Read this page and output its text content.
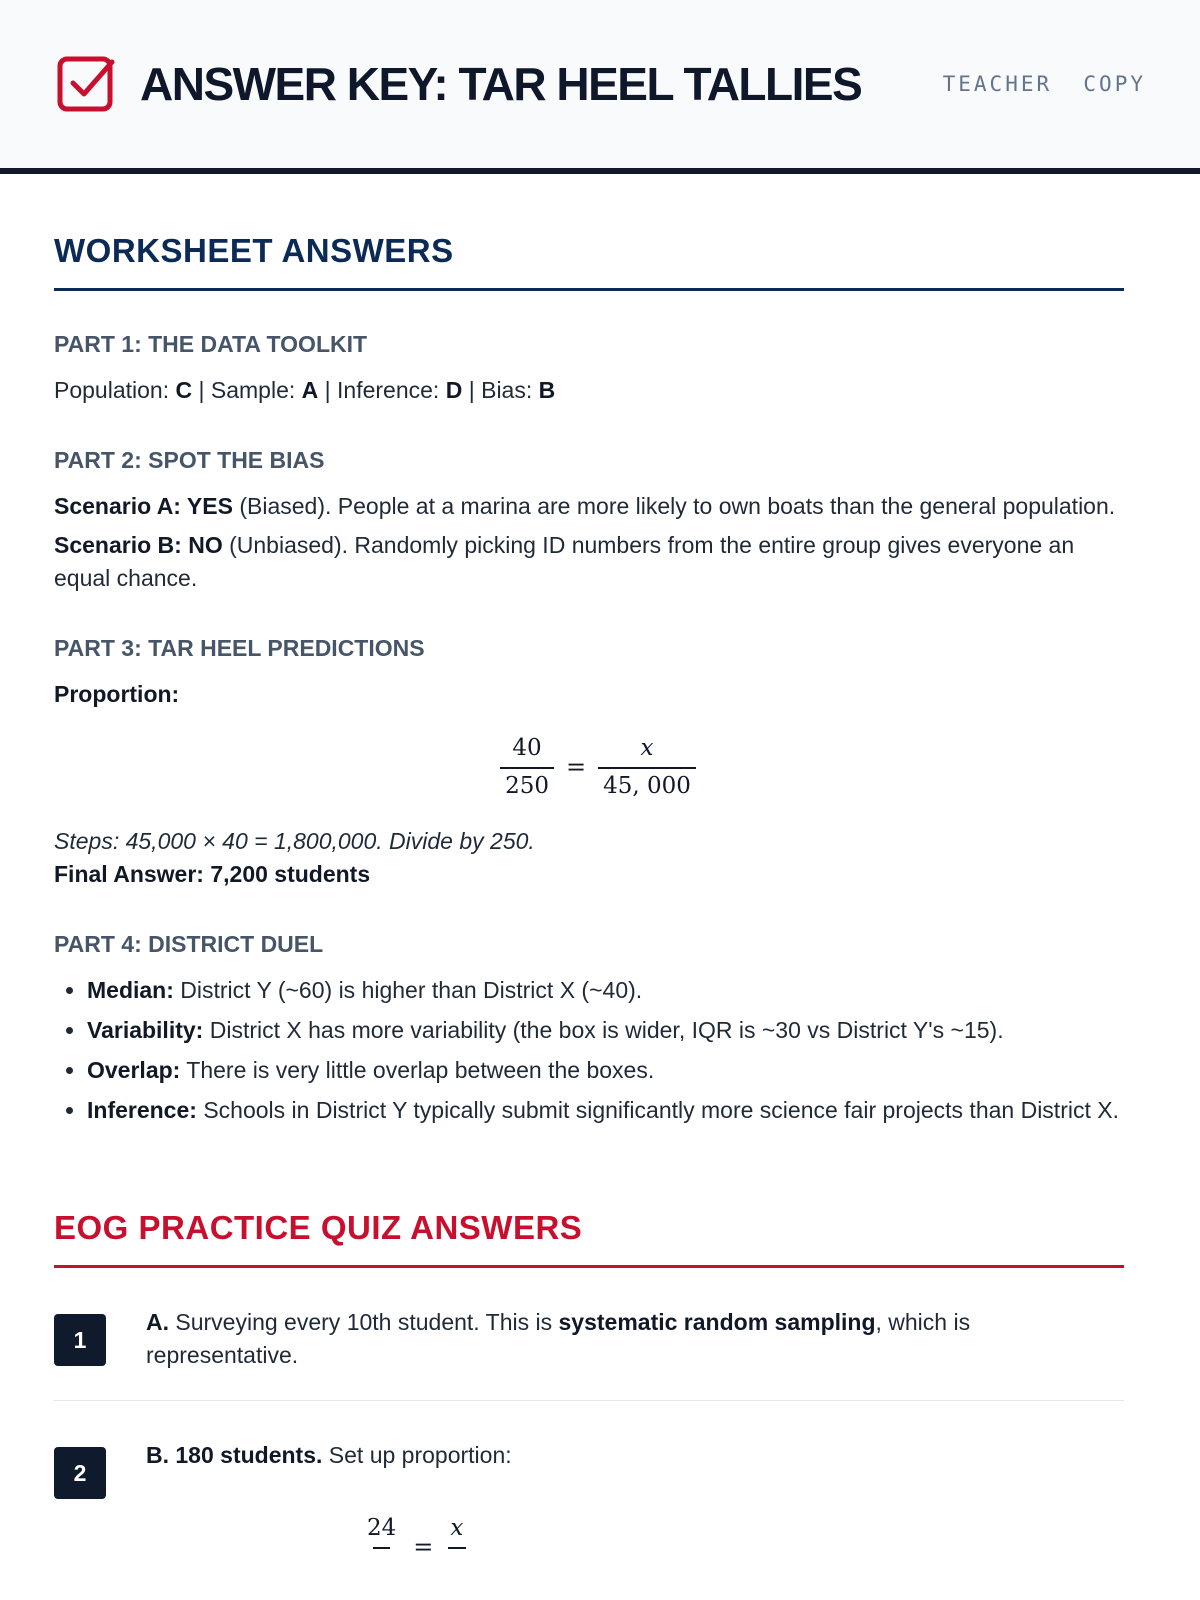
ANSWER KEY: TAR HEEL TALLIES	TEACHER  COPY
WORKSHEET ANSWERS
PART 1: THE DATA TOOLKIT

Population: C | Sample: A | Inference: D | Bias: B

PART 2: SPOT THE BIAS

Scenario A: YES (Biased). People at a marina are more likely to own boats than the general population.

Scenario B: NO (Unbiased). Randomly picking ID numbers from the entire group gives everyone an equal chance.

PART 3: TAR HEEL PREDICTIONS

Proportion:

$\frac{40}{250} = \frac{x}{45, 000}$

Steps: 45,000 × 40 = 1,800,000. Divide by 250.

Final Answer: 7,200 students

PART 4: DISTRICT DUEL
• Median: District Y (~60) is higher than District X (~40).
• Variability: District X has more variability (the box is wider, IQR is ~30 vs District Y's ~15).
• Overlap: There is very little overlap between the boxes.
• Inference: Schools in District Y typically submit significantly more science fair projects than District X.
EOG PRACTICE QUIZ ANSWERS
1
A. Surveying every 10th student. This is systematic random sampling, which is representative.
2
B. 180 students. Set up proportion:
24

=
x
